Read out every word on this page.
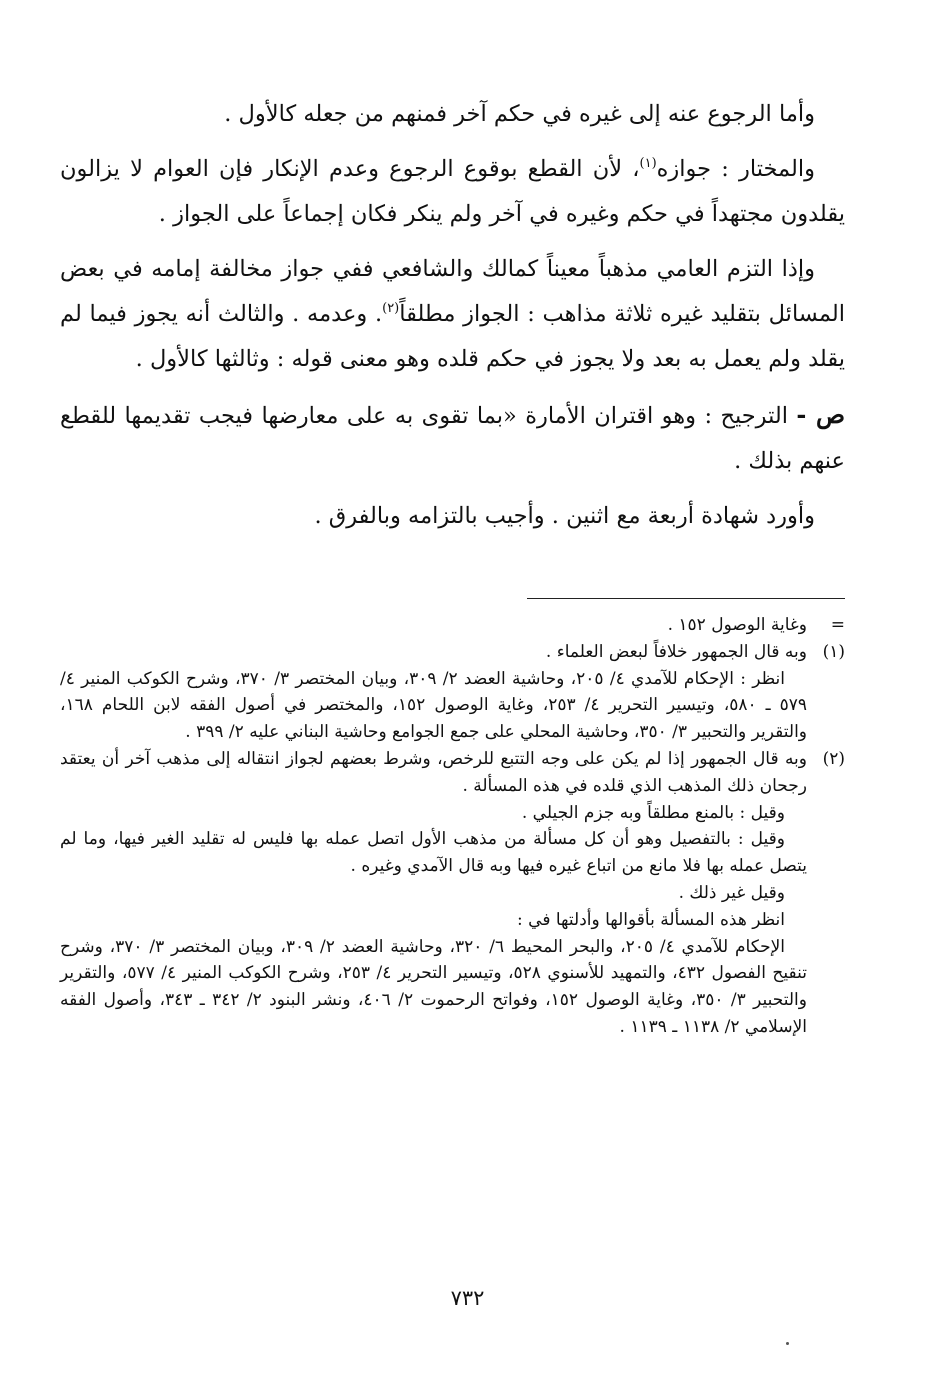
وأما الرجوع عنه إلى غيره في حكم آخر فمنهم من جعله كالأول .

والمختار : جوازه$^{(١)}$، لأن القطع بوقوع الرجوع وعدم الإنكار فإن العوام لا يزالون يقلدون مجتهداً في حكم وغيره في آخر ولم ينكر فكان إجماعاً على الجواز .

وإذا التزم العامي مذهباً معيناً كمالك والشافعي ففي جواز مخالفة إمامه في بعض المسائل بتقليد غيره ثلاثة مذاهب : الجواز مطلقاً$^{(٢)}$. وعدمه . والثالث أنه يجوز فيما لم يقلد ولم يعمل به بعد ولا يجوز في حكم قلده وهو معنى قوله : وثالثها كالأول .

ص - الترجيح : وهو اقتران الأمارة «بما تقوى به على معارضها فيجب تقديمها للقطع عنهم بذلك .

وأورد شهادة أربعة مع اثنين . وأجيب بالتزامه وبالفرق .

=

وغاية الوصول ١٥٢ .

(١)

وبه قال الجمهور خلافاً لبعض العلماء .

انظر : الإحكام للآمدي ٤/ ٢٠٥، وحاشية العضد ٢/ ٣٠٩، وبيان المختصر ٣/ ٣٧٠، وشرح الكوكب المنير ٤/ ٥٧٩ ـ ٥٨٠، وتيسير التحرير ٤/ ٢٥٣، وغاية الوصول ١٥٢، والمختصر في أصول الفقه لابن اللحام ١٦٨، والتقرير والتحبير ٣/ ٣٥٠، وحاشية المحلي على جمع الجوامع وحاشية البناني عليه ٢/ ٣٩٩ .

(٢)

وبه قال الجمهور إذا لم يكن على وجه التتبع للرخص، وشرط بعضهم لجواز انتقاله إلى مذهب آخر أن يعتقد رجحان ذلك المذهب الذي قلده في هذه المسألة .

وقيل : بالمنع مطلقاً وبه جزم الجيلي .

وقيل : بالتفصيل وهو أن كل مسألة من مذهب الأول اتصل عمله بها فليس له تقليد الغير فيها، وما لم يتصل عمله بها فلا مانع من اتباع غيره فيها وبه قال الآمدي وغيره .

وقيل غير ذلك .

انظر هذه المسألة بأقوالها وأدلتها في :

الإحكام للآمدي ٤/ ٢٠٥، والبحر المحيط ٦/ ٣٢٠، وحاشية العضد ٢/ ٣٠٩، وبيان المختصر ٣/ ٣٧٠، وشرح تنقيح الفصول ٤٣٢، والتمهيد للأسنوي ٥٢٨، وتيسير التحرير ٤/ ٢٥٣، وشرح الكوكب المنير ٤/ ٥٧٧، والتقرير والتحبير ٣/ ٣٥٠، وغاية الوصول ١٥٢، وفواتح الرحموت ٢/ ٤٠٦، ونشر البنود ٢/ ٣٤٢ ـ ٣٤٣، وأصول الفقه الإسلامي ٢/ ١١٣٨ ـ ١١٣٩ .

٧٣٢
